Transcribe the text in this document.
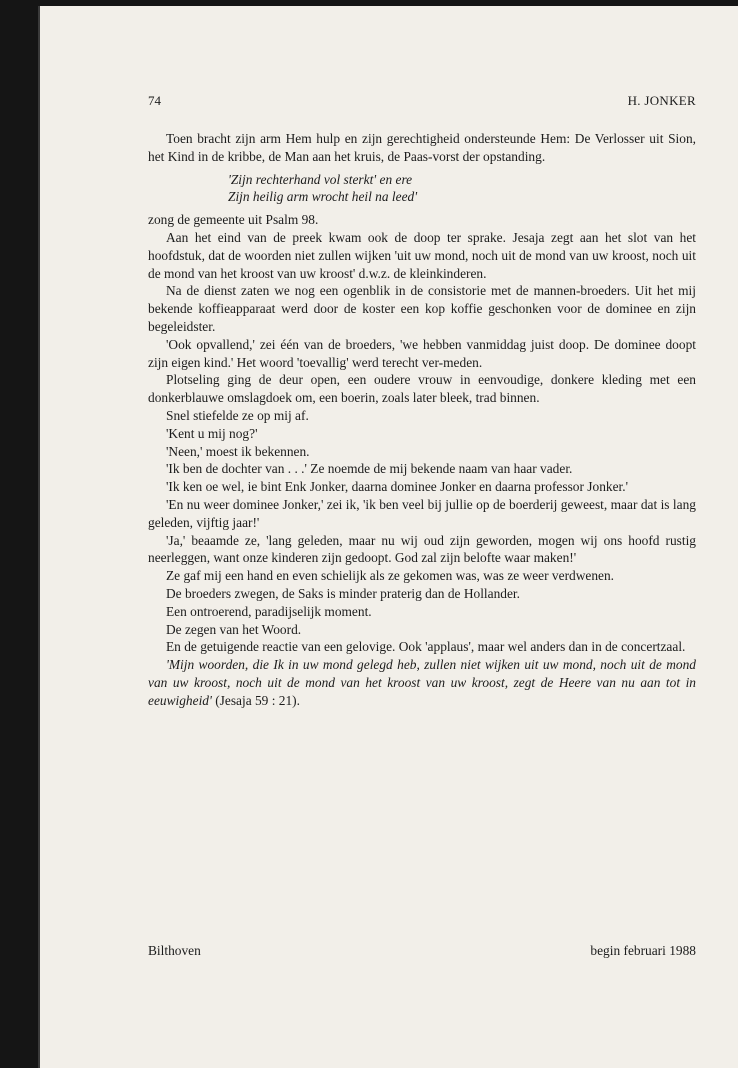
74	H. JONKER

Toen bracht zijn arm Hem hulp en zijn gerechtigheid ondersteunde Hem: De Verlosser uit Sion, het Kind in de kribbe, de Man aan het kruis, de Paas-vorst der opstanding.

'Zijn rechterhand vol sterkt' en ere
Zijn heilig arm wrocht heil na leed'

zong de gemeente uit Psalm 98.

Aan het eind van de preek kwam ook de doop ter sprake. Jesaja zegt aan het slot van het hoofdstuk, dat de woorden niet zullen wijken 'uit uw mond, noch uit de mond van uw kroost, noch uit de mond van het kroost van uw kroost' d.w.z. de kleinkinderen.

Na de dienst zaten we nog een ogenblik in de consistorie met de mannen-broeders. Uit het mij bekende koffieapparaat werd door de koster een kop koffie geschonken voor de dominee en zijn begeleidster.

'Ook opvallend,' zei één van de broeders, 'we hebben vanmiddag juist doop. De dominee doopt zijn eigen kind.' Het woord 'toevallig' werd terecht ver-meden.

Plotseling ging de deur open, een oudere vrouw in eenvoudige, donkere kleding met een donkerblauwe omslagdoek om, een boerin, zoals later bleek, trad binnen.

Snel stiefelde ze op mij af.

'Kent u mij nog?'

'Neen,' moest ik bekennen.

'Ik ben de dochter van . . .' Ze noemde de mij bekende naam van haar vader.

'Ik ken oe wel, ie bint Enk Jonker, daarna dominee Jonker en daarna professor Jonker.'

'En nu weer dominee Jonker,' zei ik, 'ik ben veel bij jullie op de boerderij geweest, maar dat is lang geleden, vijftig jaar!'

'Ja,' beaamde ze, 'lang geleden, maar nu wij oud zijn geworden, mogen wij ons hoofd rustig neerleggen, want onze kinderen zijn gedoopt. God zal zijn belofte waar maken!'

Ze gaf mij een hand en even schielijk als ze gekomen was, was ze weer verdwenen.

De broeders zwegen, de Saks is minder praterig dan de Hollander.

Een ontroerend, paradijselijk moment.

De zegen van het Woord.

En de getuigende reactie van een gelovige. Ook 'applaus', maar wel anders dan in de concertzaal.

'Mijn woorden, die Ik in uw mond gelegd heb, zullen niet wijken uit uw mond, noch uit de mond van uw kroost, noch uit de mond van het kroost van uw kroost, zegt de Heere van nu aan tot in eeuwigheid' (Jesaja 59 : 21).

Bilthoven	begin februari 1988
